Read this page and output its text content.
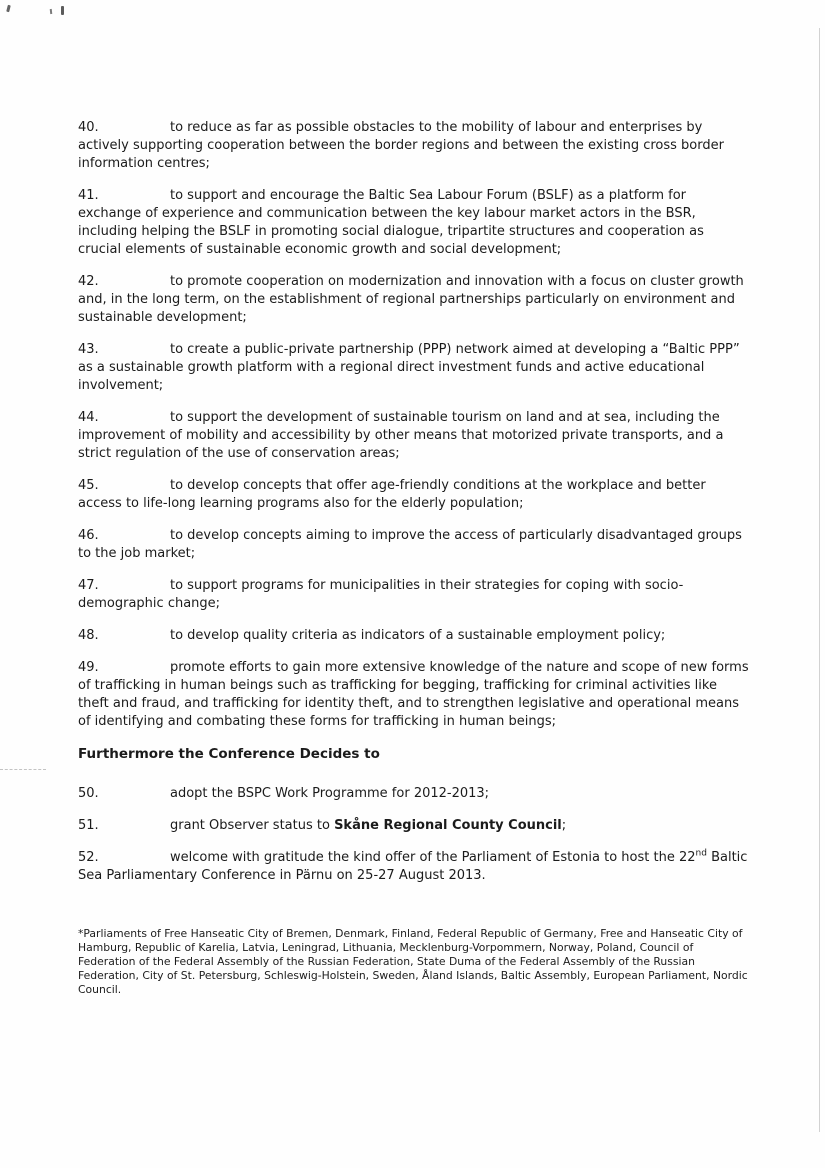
40.	to reduce as far as possible obstacles to the mobility of labour and enterprises by actively supporting cooperation between the border regions and between the existing cross border information centres;

41.	to support and encourage the Baltic Sea Labour Forum (BSLF) as a platform for exchange of experience and communication between the key labour market actors in the BSR, including helping the BSLF in promoting social dialogue, tripartite structures and cooperation as crucial elements of sustainable economic growth and social development;

42.	to promote cooperation on modernization and innovation with a focus on cluster growth and, in the long term, on the establishment of regional partnerships particularly on environment and sustainable development;

43.	to create a public-private partnership (PPP) network aimed at developing a “Baltic PPP” as a sustainable growth platform with a regional direct investment funds and active educational involvement;

44.	to support the development of sustainable tourism on land and at sea, including the improvement of mobility and accessibility by other means that motorized private transports, and a strict regulation of the use of conservation areas;

45.	to develop concepts that offer age-friendly conditions at the workplace and better access to life-long learning programs also for the elderly population;

46.	to develop concepts aiming to improve the access of particularly disadvantaged groups to the job market;

47.	to support programs for municipalities in their strategies for coping with socio-demographic change;

48.	to develop quality criteria as indicators of a sustainable employment policy;

49.	promote efforts to gain more extensive knowledge of the nature and scope of new forms of trafficking in human beings such as trafficking for begging, trafficking for criminal activities like theft and fraud, and trafficking for identity theft, and to strengthen legislative and operational means of identifying and combating these forms for trafficking in human beings;

Furthermore the Conference Decides to

50.	adopt the BSPC Work Programme for 2012-2013;

51.	grant Observer status to Skåne Regional County Council;

52.	welcome with gratitude the kind offer of the Parliament of Estonia to host the 22nd Baltic Sea Parliamentary Conference in Pärnu on 25-27 August 2013.

*Parliaments of Free Hanseatic City of Bremen, Denmark, Finland, Federal Republic of Germany, Free and Hanseatic City of Hamburg, Republic of Karelia, Latvia, Leningrad, Lithuania, Mecklenburg-Vorpommern, Norway, Poland, Council of Federation of the Federal Assembly of the Russian Federation, State Duma of the Federal Assembly of the Russian Federation, City of St. Petersburg, Schleswig-Holstein, Sweden, Åland Islands, Baltic Assembly, European Parliament, Nordic Council.
